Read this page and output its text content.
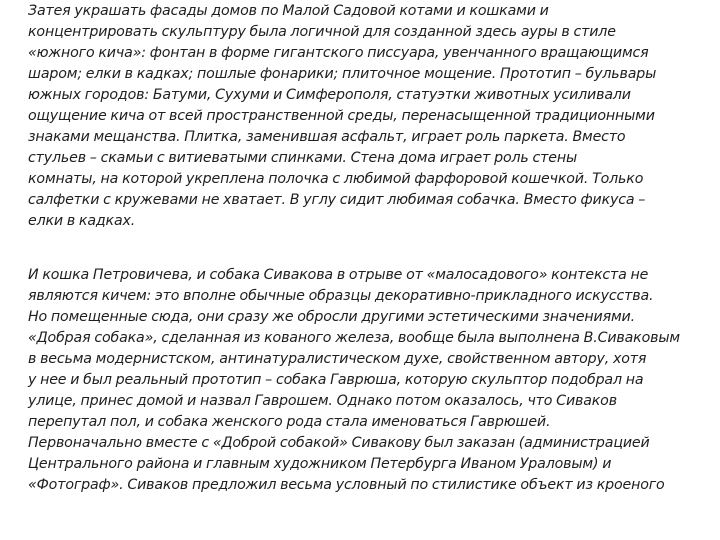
Затея украшать фасады домов по Малой Садовой котами и кошками и
концентрировать скульптуру была логичной для созданной здесь ауры в стиле
«южного кича»: фонтан в форме гигантского писсуара, увенчанного вращающимся
шаром; елки в кадках; пошлые фонарики; плиточное мощение. Прототип – бульвары
южных городов: Батуми, Сухуми и Симферополя, статуэтки животных усиливали
ощущение кича от всей пространственной среды, перенасыщенной традиционными
знаками мещанства. Плитка, заменившая асфальт, играет роль паркета. Вместо
стульев – скамьи с витиеватыми спинками. Стена дома играет роль стены
комнаты, на которой укреплена полочка с любимой фарфоровой кошечкой. Только
салфетки с кружевами не хватает. В углу сидит любимая собачка. Вместо фикуса –
елки в кадках.
И кошка Петровичева, и собака Сивакова в отрыве от «малосадового» контекста не
являются кичем: это вполне обычные образцы декоративно-прикладного искусства.
Но помещенные сюда, они сразу же обросли другими эстетическими значениями.
«Добрая собака», сделанная из кованого железа, вообще была выполнена В.Сиваковым
в весьма модернистском, антинатуралистическом духе, свойственном автору, хотя
у нее и был реальный прототип – собака Гаврюша, которую скульптор подобрал на
улице, принес домой и назвал Гаврошем. Однако потом оказалось, что Сиваков
перепутал пол, и собака женского рода стала именоваться Гаврюшей.
Первоначально вместе с «Доброй собакой» Сивакову был заказан (администрацией
Центрального района и главным художником Петербурга Иваном Ураловым) и
«Фотограф». Сиваков предложил весьма условный по стилистике объект из кроеного
